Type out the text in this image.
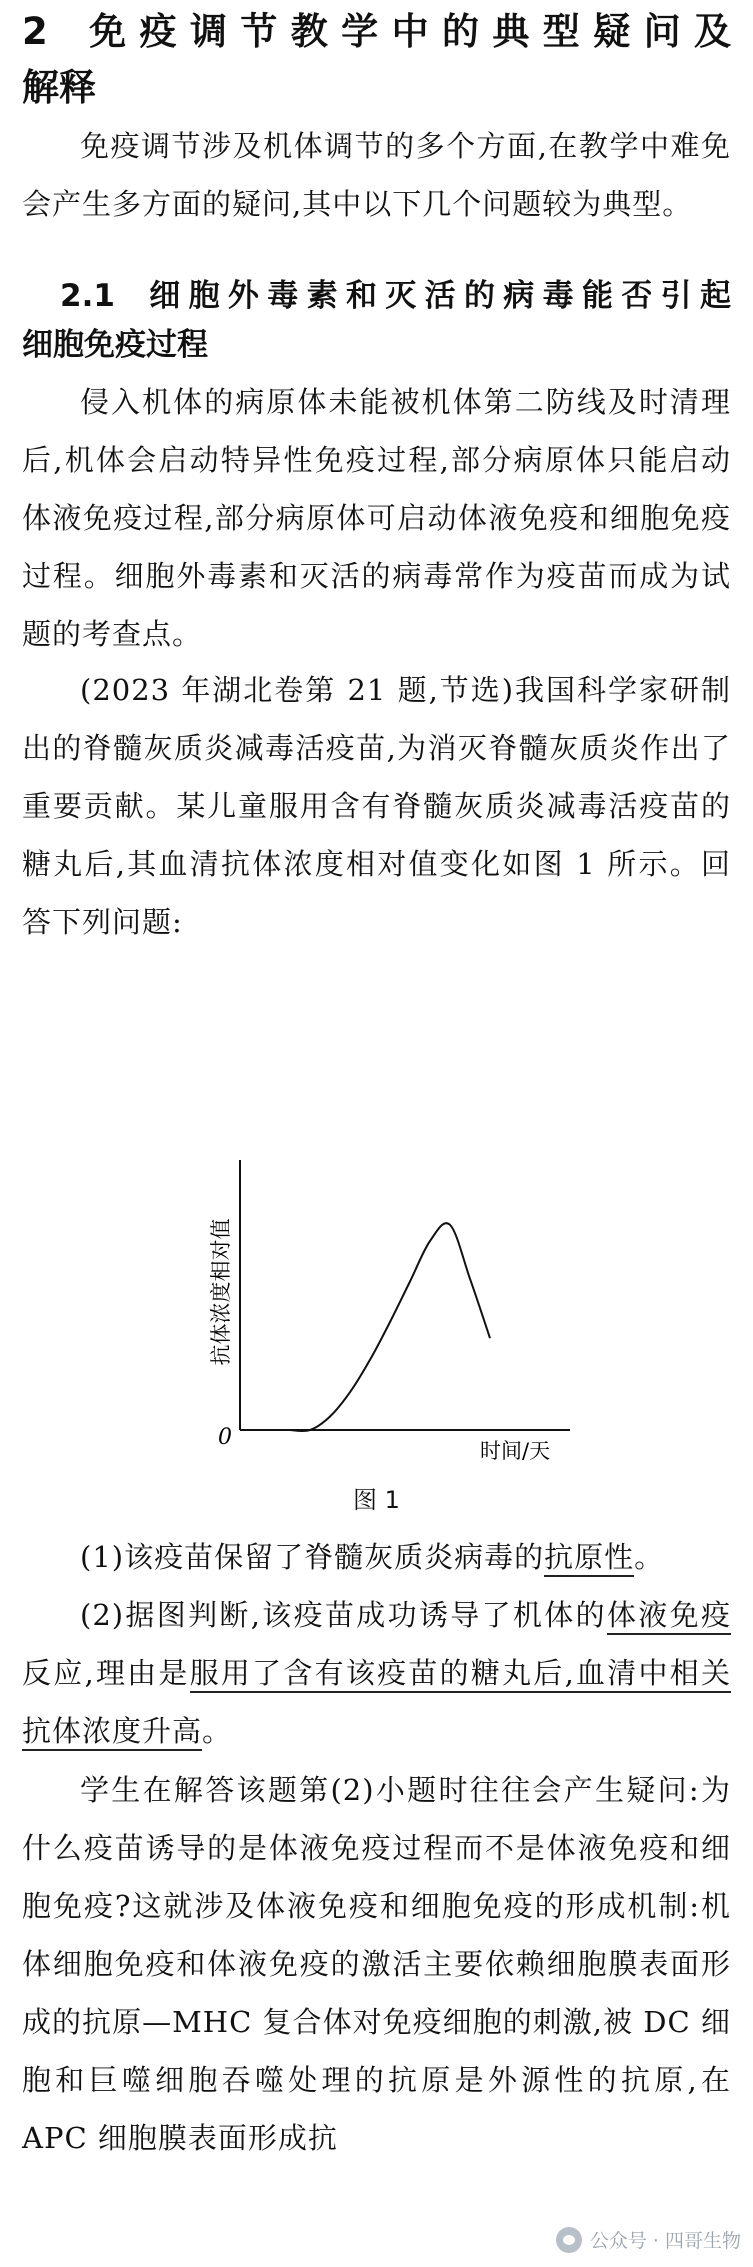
2 免疫调节教学中的典型疑问及
解释
免疫调节涉及机体调节的多个方面,在教学中难免会产生多方面的疑问,其中以下几个问题较为典型。
2.1 细胞外毒素和灭活的病毒能否引起
细胞免疫过程
侵入机体的病原体未能被机体第二防线及时清理后,机体会启动特异性免疫过程,部分病原体只能启动体液免疫过程,部分病原体可启动体液免疫和细胞免疫过程。细胞外毒素和灭活的病毒常作为疫苗而成为试题的考查点。
(2023 年湖北卷第 21 题,节选)我国科学家研制出的脊髓灰质炎减毒活疫苗,为消灭脊髓灰质炎作出了重要贡献。某儿童服用含有脊髓灰质炎减毒活疫苗的糖丸后,其血清抗体浓度相对值变化如图 1 所示。回答下列问题:
0
时间/天
抗体浓度相对值
图 1
(1)该疫苗保留了脊髓灰质炎病毒的抗原性。
(2)据图判断,该疫苗成功诱导了机体的体液免疫反应,理由是服用了含有该疫苗的糖丸后,血清中相关抗体浓度升高。
学生在解答该题第(2)小题时往往会产生疑问:为什么疫苗诱导的是体液免疫过程而不是体液免疫和细胞免疫?这就涉及体液免疫和细胞免疫的形成机制:机体细胞免疫和体液免疫的激活主要依赖细胞膜表面形成的抗原—MHC 复合体对免疫细胞的刺激,被 DC 细胞和巨噬细胞吞噬处理的抗原是外源性的抗原,在 APC 细胞膜表面形成抗
公众号 · 四哥生物
